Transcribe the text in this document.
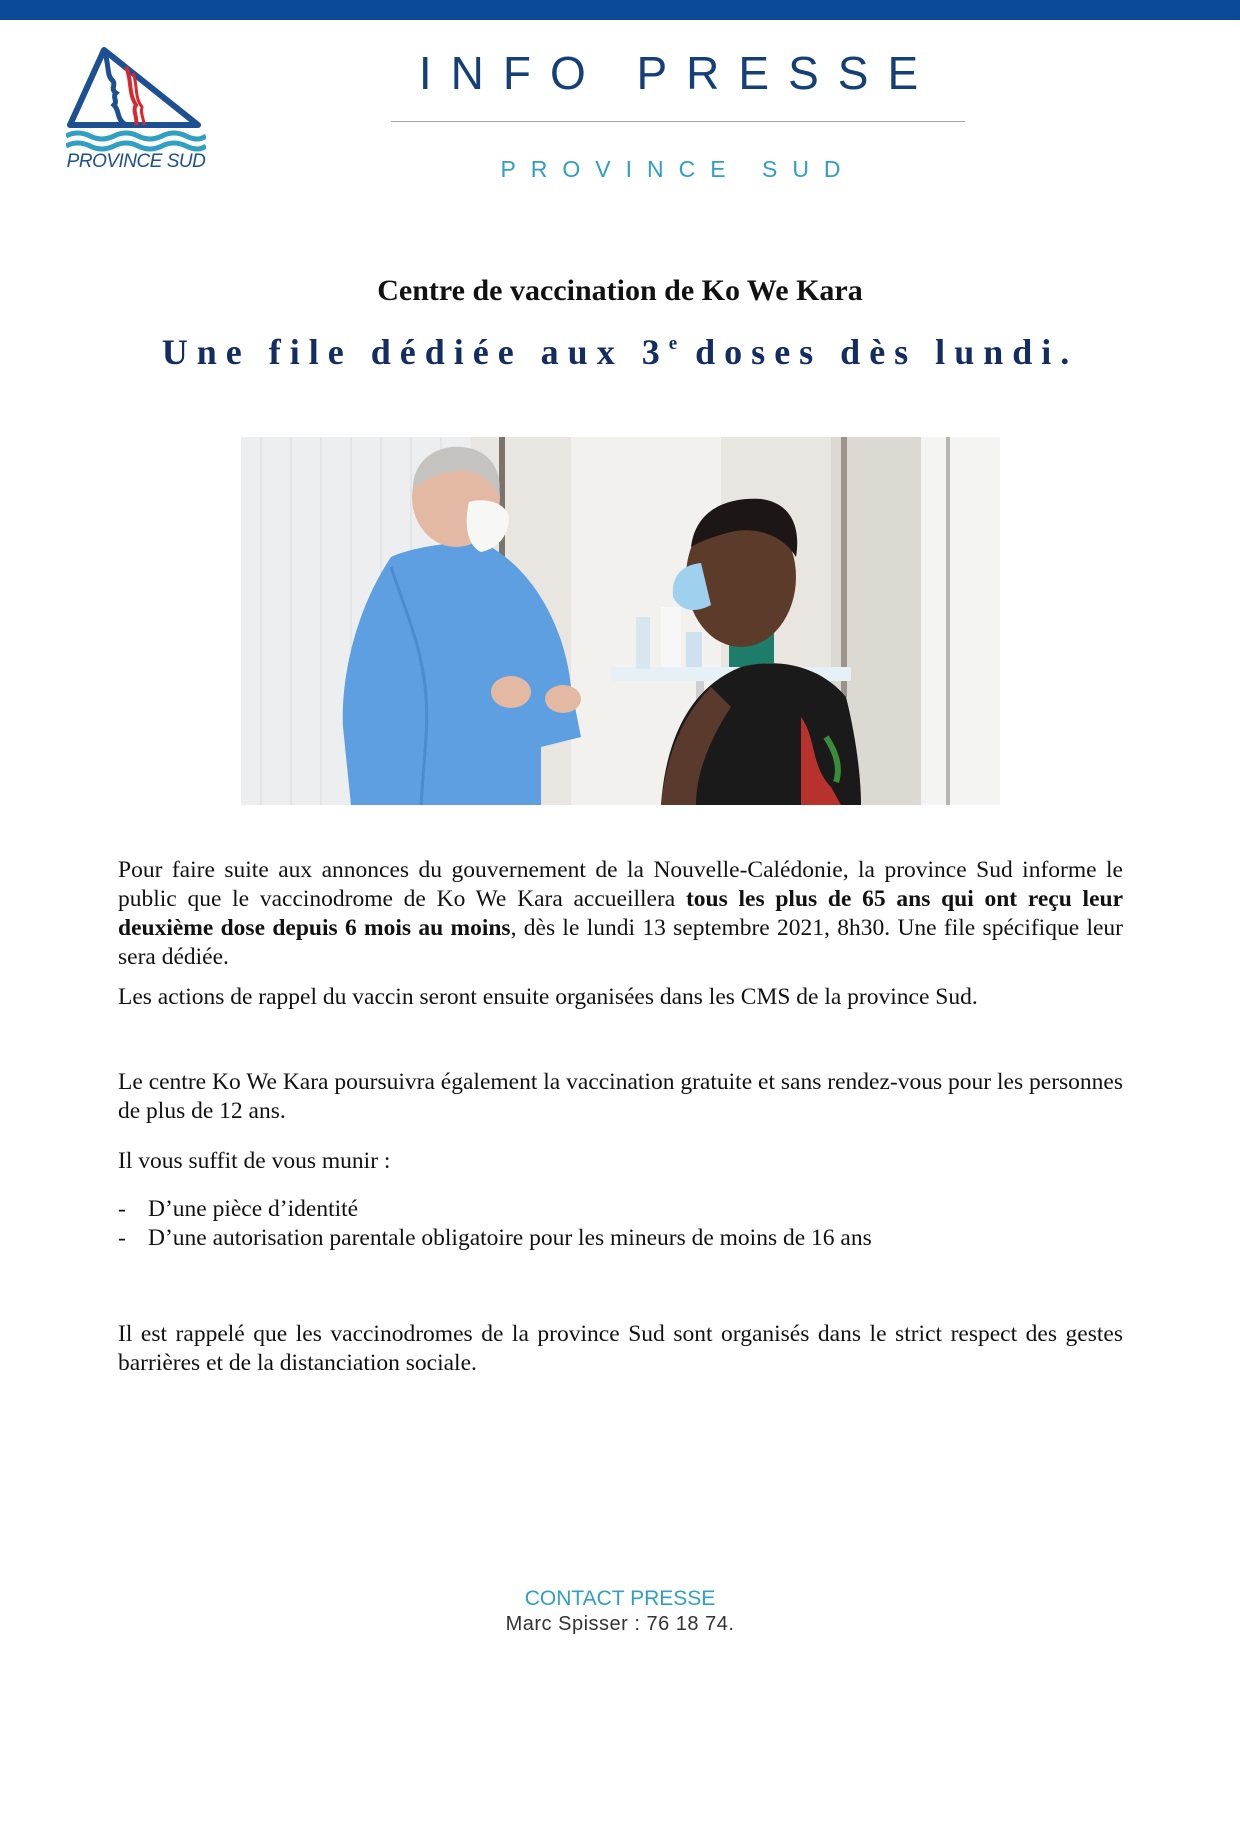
PROVINCE SUD
INFO PRESSE
PROVINCE SUD
Centre de vaccination de Ko We Kara
Une file dédiée aux 3e doses dès lundi.
Pour faire suite aux annonces du gouvernement de la Nouvelle-Calédonie, la province Sud informe le public que le vaccinodrome de Ko We Kara accueillera tous les plus de 65 ans qui ont reçu leur deuxième dose depuis 6 mois au moins, dès le lundi 13 septembre 2021, 8h30. Une file spécifique leur sera dédiée.
Les actions de rappel du vaccin seront ensuite organisées dans les CMS de la province Sud.
Le centre Ko We Kara poursuivra également la vaccination gratuite et sans rendez-vous pour les personnes de plus de 12 ans.
Il vous suffit de vous munir :
- D’une pièce d’identité
- D’une autorisation parentale obligatoire pour les mineurs de moins de 16 ans
Il est rappelé que les vaccinodromes de la province Sud sont organisés dans le strict respect des gestes barrières et de la distanciation sociale.
CONTACT PRESSE
Marc Spisser : 76 18 74.
